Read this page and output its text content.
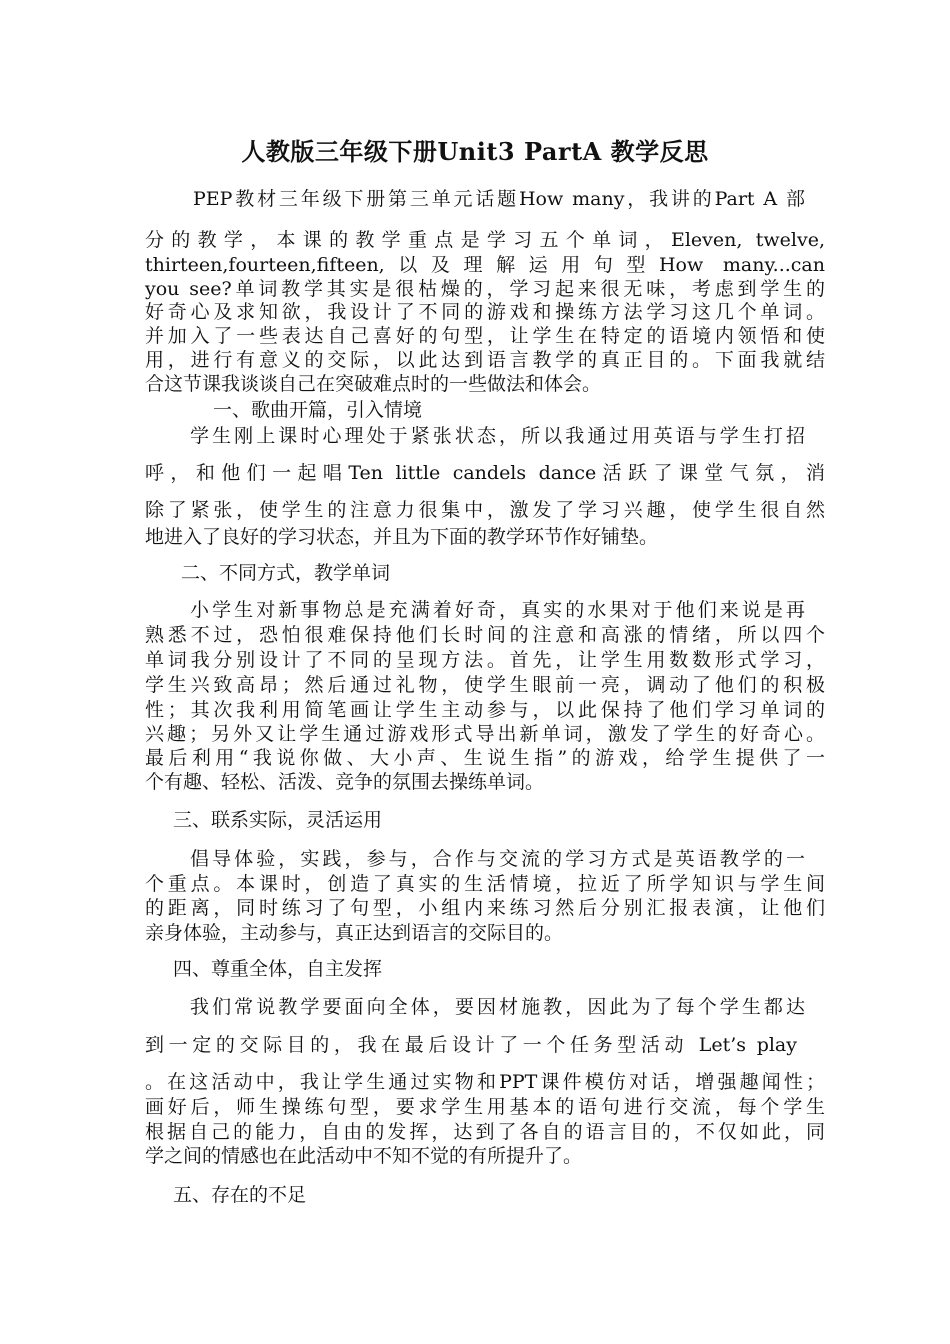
人教版三年级下册Unit3 PartA 教学反思
PEP教材三年级下册第三单元话题How many，我讲的Part A 部
分的教学，本课的教学重点是学习五个单词，Eleven, twelve,
thirteen,fourteen,fifteen,以及理解运用句型How many...can
you see?单词教学其实是很枯燥的，学习起来很无味，考虑到学生的
好奇心及求知欲，我设计了不同的游戏和操练方法学习这几个单词。
并加入了一些表达自己喜好的句型，让学生在特定的语境内领悟和使
用，进行有意义的交际，以此达到语言教学的真正目的。下面我就结
合这节课我谈谈自己在突破难点时的一些做法和体会。
一、歌曲开篇，引入情境
学生刚上课时心理处于紧张状态，所以我通过用英语与学生打招
呼，和他们一起唱Ten little candels dance活跃了课堂气氛，消
除了紧张，使学生的注意力很集中，激发了学习兴趣，使学生很自然
地进入了良好的学习状态，并且为下面的教学环节作好铺垫。
二、不同方式，教学单词
小学生对新事物总是充满着好奇，真实的水果对于他们来说是再
熟悉不过，恐怕很难保持他们长时间的注意和高涨的情绪，所以四个
单词我分别设计了不同的呈现方法。首先，让学生用数数形式学习，
学生兴致高昂；然后通过礼物，使学生眼前一亮，调动了他们的积极
性；其次我利用简笔画让学生主动参与，以此保持了他们学习单词的
兴趣；另外又让学生通过游戏形式导出新单词，激发了学生的好奇心。
最后利用“我说你做、大小声、生说生指”的游戏，给学生提供了一
个有趣、轻松、活泼、竞争的氛围去操练单词。
三、联系实际，灵活运用
倡导体验，实践，参与，合作与交流的学习方式是英语教学的一
个重点。本课时，创造了真实的生活情境，拉近了所学知识与学生间
的距离，同时练习了句型，小组内来练习然后分别汇报表演，让他们
亲身体验，主动参与，真正达到语言的交际目的。
四、尊重全体，自主发挥
我们常说教学要面向全体，要因材施教，因此为了每个学生都达
到一定的交际目的，我在最后设计了一个任务型活动 Let’s play
。在这活动中，我让学生通过实物和PPT课件模仿对话，增强趣闻性；
画好后，师生操练句型，要求学生用基本的语句进行交流，每个学生
根据自己的能力，自由的发挥，达到了各自的语言目的，不仅如此，同
学之间的情感也在此活动中不知不觉的有所提升了。
五、存在的不足
